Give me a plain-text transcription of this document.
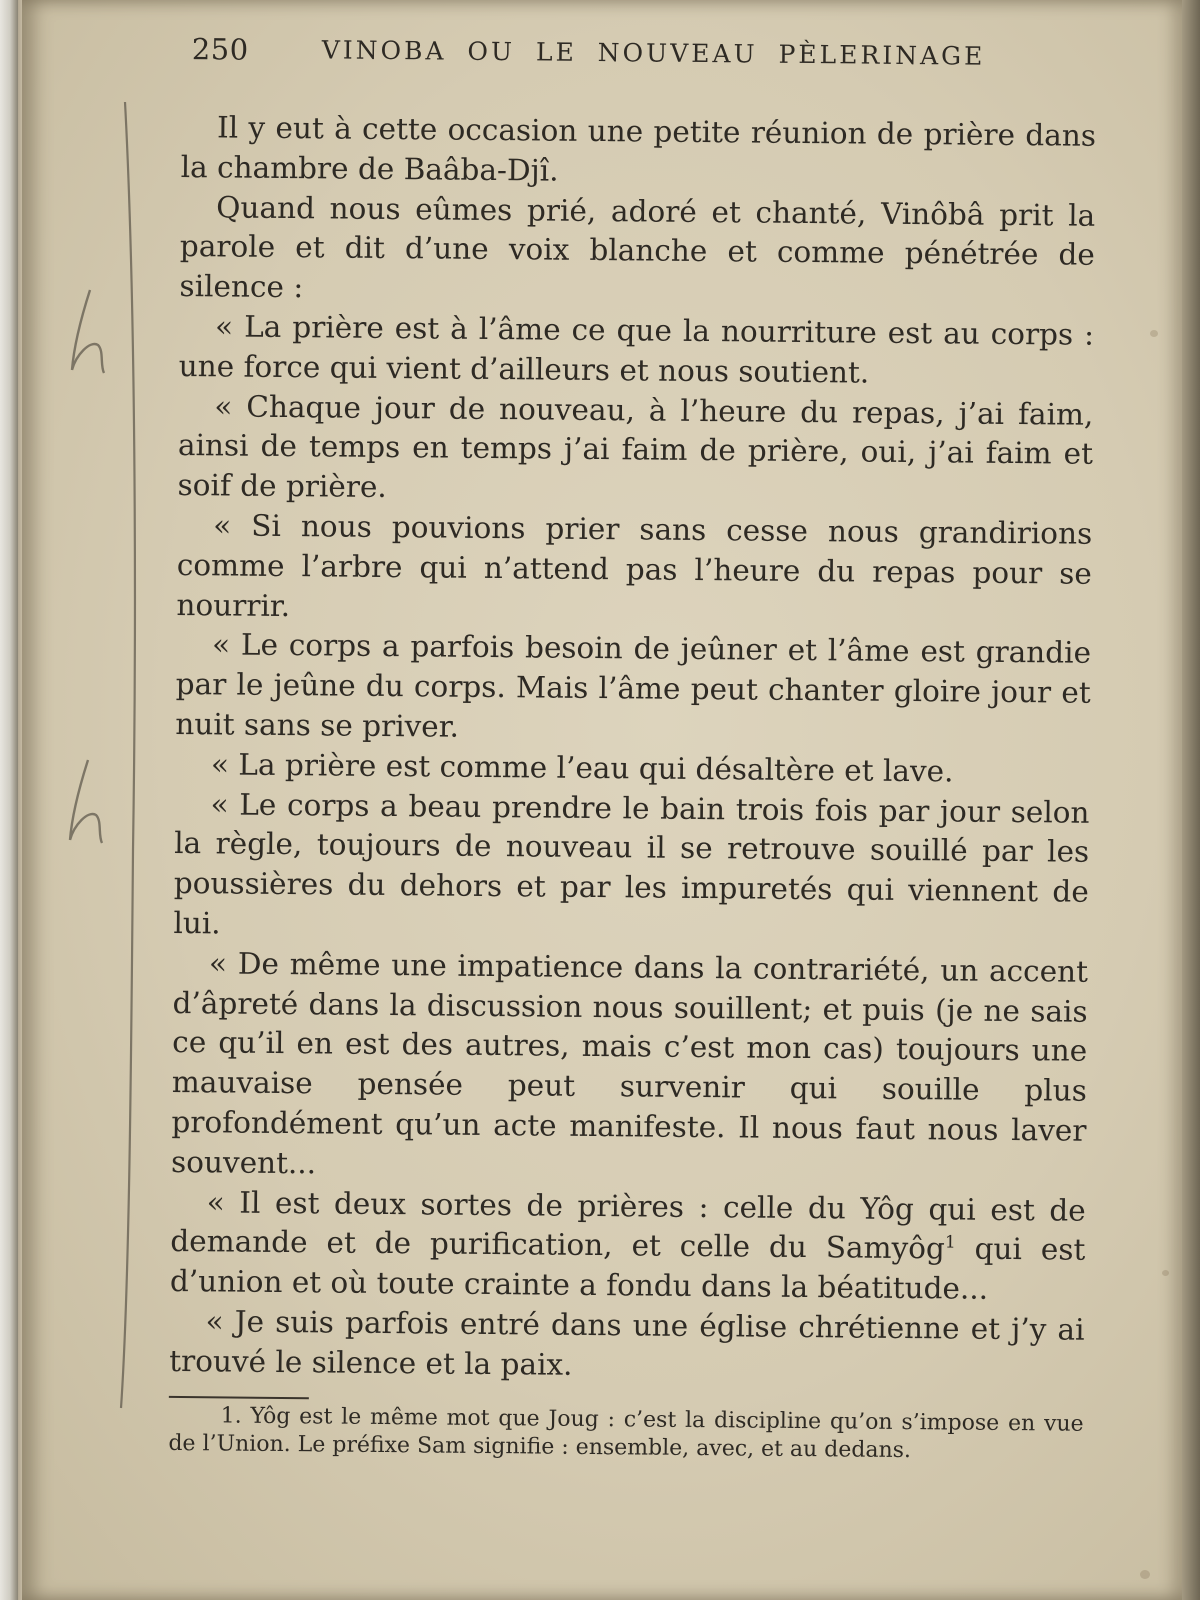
250	VINOBA OU LE NOUVEAU PÈLERINAGE

Il y eut à cette occasion une petite réunion de prière dans la chambre de Baâba-Djî.

Quand nous eûmes prié, adoré et chanté, Vinôbâ prit la parole et dit d’une voix blanche et comme pénétrée de silence :

« La prière est à l’âme ce que la nourriture est au corps : une force qui vient d’ailleurs et nous soutient.

« Chaque jour de nouveau, à l’heure du repas, j’ai faim, ainsi de temps en temps j’ai faim de prière, oui, j’ai faim et soif de prière.

« Si nous pouvions prier sans cesse nous grandirions comme l’arbre qui n’attend pas l’heure du repas pour se nourrir.

« Le corps a parfois besoin de jeûner et l’âme est grandie par le jeûne du corps. Mais l’âme peut chanter gloire jour et nuit sans se priver.

« La prière est comme l’eau qui désaltère et lave.

« Le corps a beau prendre le bain trois fois par jour selon la règle, toujours de nouveau il se retrouve souillé par les poussières du dehors et par les impuretés qui viennent de lui.

« De même une impatience dans la contrariété, un accent d’âpreté dans la discussion nous souillent; et puis (je ne sais ce qu’il en est des autres, mais c’est mon cas) toujours une mauvaise pensée peut survenir qui souille plus profondément qu’un acte manifeste. Il nous faut nous laver souvent...

« Il est deux sortes de prières : celle du Yôg qui est de demande et de purification, et celle du Samyôg$^1$ qui est d’union et où toute crainte a fondu dans la béatitude...

« Je suis parfois entré dans une église chrétienne et j’y ai trouvé le silence et la paix.

1. Yôg est le même mot que Joug : c’est la discipline qu’on s’impose en vue de l’Union. Le préfixe Sam signifie : ensemble, avec, et au dedans.
